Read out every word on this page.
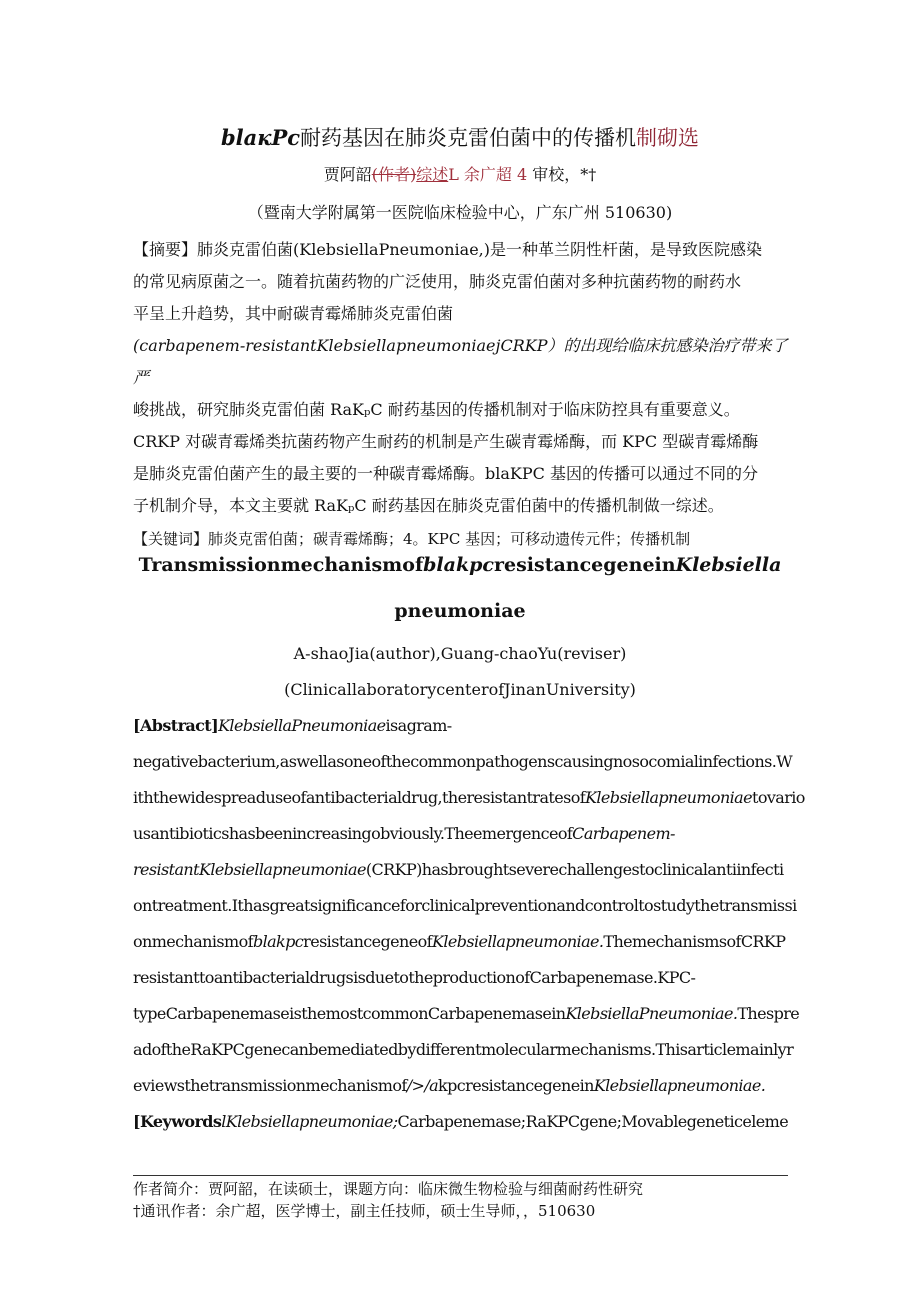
blaкPc耐药基因在肺炎克雷伯菌中的传播机制砌选
贾阿韶(作者)综述L 余广超 4 审校，*†
（暨南大学附属第一医院临床检验中心，广东广州 510630)

【摘要】肺炎克雷伯菌(KlebsiellaPneumoniae,)是一种革兰阴性杆菌，是导致医院感染

的常见病原菌之一。随着抗菌药物的广泛使用，肺炎克雷伯菌对多种抗菌药物的耐药水

平呈上升趋势，其中耐碳青霉烯肺炎克雷伯菌

(carbapenem-resistantKlebsiellapneumoniaejCRKP）的出现给临床抗感染治疗带来了严

峻挑战，研究肺炎克雷伯菌 RaKₚC 耐药基因的传播机制对于临床防控具有重要意义。

CRKP 对碳青霉烯类抗菌药物产生耐药的机制是产生碳青霉烯酶，而 KPC 型碳青霉烯酶

是肺炎克雷伯菌产生的最主要的一种碳青霉烯酶。blaKPC 基因的传播可以通过不同的分

子机制介导，本文主要就 RaKₚC 耐药基因在肺炎克雷伯菌中的传播机制做一综述。

【关键词】肺炎克雷伯菌；碳青霉烯酶；4。KPC 基因；可移动遗传元件；传播机制
TransmissionmechanismofblakpcresistancegeneinKlebsiella
pneumoniae
A-shaoJia(author),Guang-chaoYu(reviser)
(ClinicallaboratorycenterofJinanUniversity)
[Abstract]KlebsiellaPneumoniaeisagram-
negativebacterium,aswellasoneofthecommonpathogenscausingnosocomialinfections.W
iththewidespreaduseofantibacterialdrug,theresistantratesofKlebsiellapneumoniaetovario
usantibioticshasbeenincreasingobviously.TheemergenceofCarbapenem-
resistantKlebsiellapneumoniae(CRKP)hasbroughtseverechallengestoclinicalantiinfecti
ontreatment.Ithasgreatsignificanceforclinicalpreventionandcontroltostudythetransmissi
onmechanismofblakpcresistancegeneofKlebsiellapneumoniae.ThemechanismsofCRKP
resistanttoantibacterialdrugsisduetotheproductionofCarbapenemase.KPC-
typeCarbapenemaseisthemostcommonCarbapenemaseinKlebsiellaPneumoniae.Thespre
adoftheRaKPCgenecanbemediatedbydifferentmolecularmechanisms.Thisarticlemainlyr
eviewsthetransmissionmechanismof/>/akpcresistancegeneinKlebsiellapneumoniae.
[KeywordslKlebsiellapneumoniae;Carbapenemase;RaKPCgene;Movablegeneticeleme
作者简介：贾阿韶，在读硕士，课题方向：临床微生物检验与细菌耐药性研究
†通讯作者：余广超，医学博士，副主任技师，硕士生导师，，510630
